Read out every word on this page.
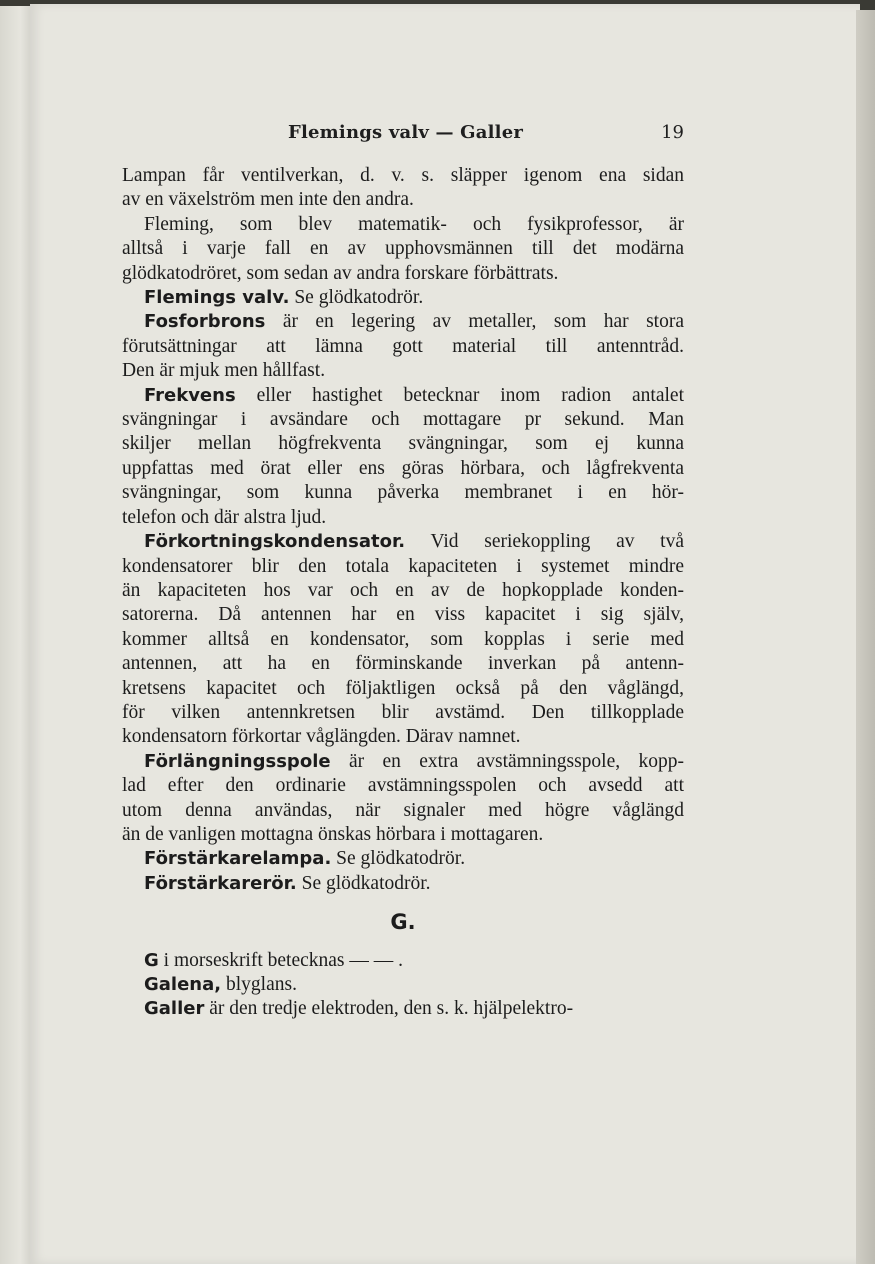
Flemings valv — Galler	19
Lampan får ventilverkan, d. v. s. släpper igenom ena sidan
av en växelström men inte den andra.
Fleming, som blev matematik- och fysikprofessor, är
alltså i varje fall en av upphovsmännen till det modärna
glödkatodröret, som sedan av andra forskare förbättrats.
Flemings valv. Se glödkatodrör.
Fosforbrons är en legering av metaller, som har stora
förutsättningar att lämna gott material till antenntråd.
Den är mjuk men hållfast.
Frekvens eller hastighet betecknar inom radion antalet
svängningar i avsändare och mottagare pr sekund. Man
skiljer mellan högfrekventa svängningar, som ej kunna
uppfattas med örat eller ens göras hörbara, och lågfrekventa
svängningar, som kunna påverka membranet i en hör-
telefon och där alstra ljud.
Förkortningskondensator. Vid seriekoppling av två
kondensatorer blir den totala kapaciteten i systemet mindre
än kapaciteten hos var och en av de hopkopplade konden-
satorerna. Då antennen har en viss kapacitet i sig själv,
kommer alltså en kondensator, som kopplas i serie med
antennen, att ha en förminskande inverkan på antenn-
kretsens kapacitet och följaktligen också på den våglängd,
för vilken antennkretsen blir avstämd. Den tillkopplade
kondensatorn förkortar våglängden. Därav namnet.
Förlängningsspole är en extra avstämningsspole, kopp-
lad efter den ordinarie avstämningsspolen och avsedd att
utom denna användas, när signaler med högre våglängd
än de vanligen mottagna önskas hörbara i mottagaren.
Förstärkarelampa. Se glödkatodrör.
Förstärkarerör. Se glödkatodrör.
G.
G i morseskrift betecknas — — .
Galena, blyglans.
Galler är den tredje elektroden, den s. k. hjälpelektro-
